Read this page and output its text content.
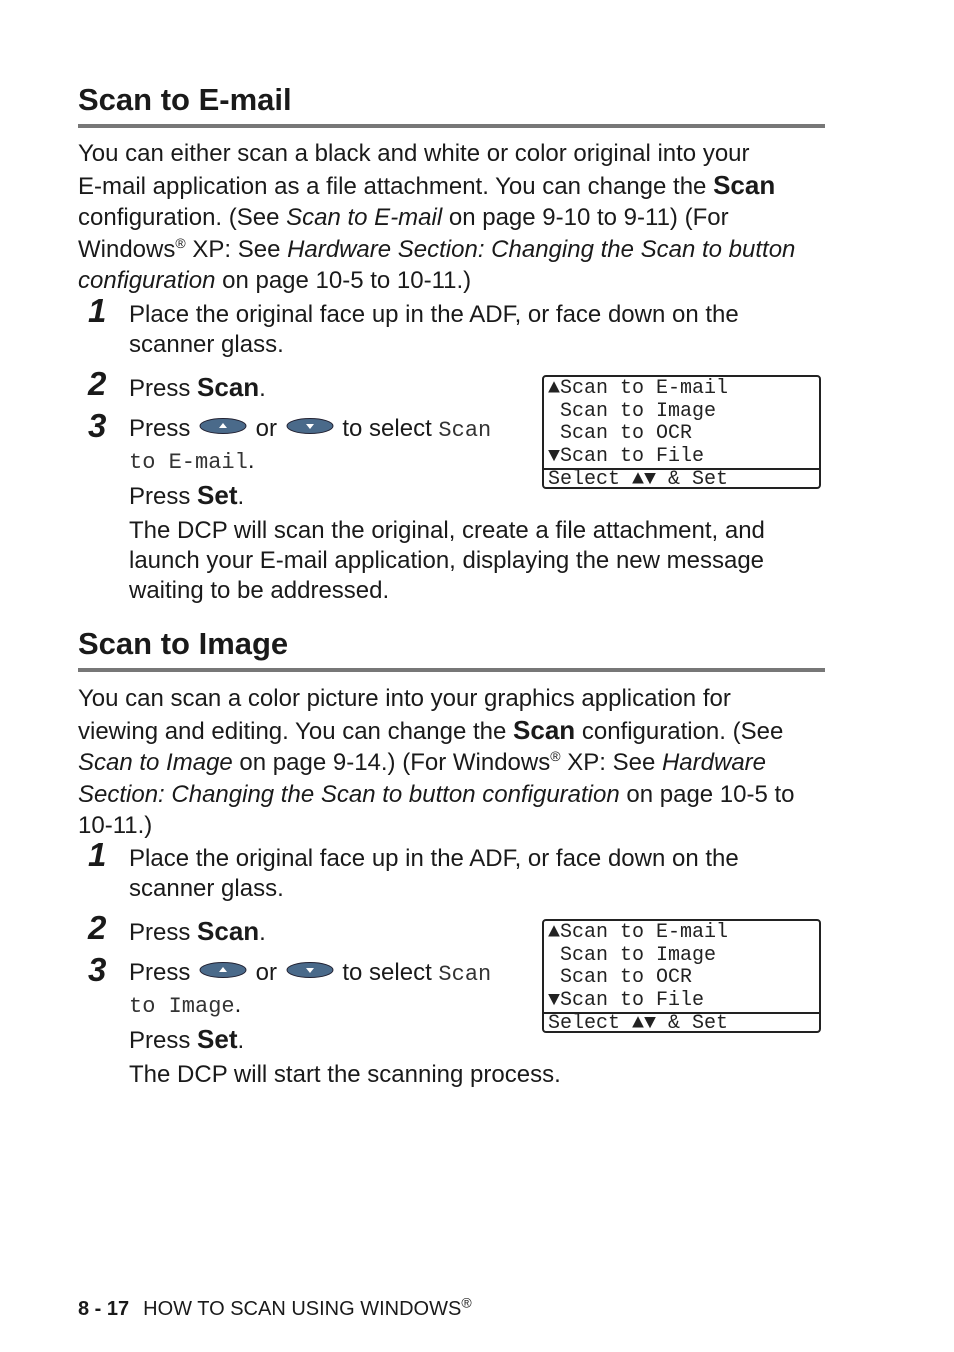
Scan to E-mail
You can either scan a black and white or color original into your
E-mail application as a file attachment. You can change the Scan
configuration. (See Scan to E-mail on page 9-10 to 9-11) (For
Windows® XP: See Hardware Section: Changing the Scan to button
configuration on page 10-5 to 10-11.)
1 Place the original face up in the ADF, or face down on the
scanner glass.
2 Press Scan.
3 Press  or  to select Scan
to E-mail.
Press Set.
▲Scan to E-mail
Scan to Image
Scan to OCR
▼Scan to File
Select ▲▼ & Set
The DCP will scan the original, create a file attachment, and
launch your E-mail application, displaying the new message
waiting to be addressed.
Scan to Image
You can scan a color picture into your graphics application for
viewing and editing. You can change the Scan configuration. (See
Scan to Image on page 9-14.) (For Windows® XP: See Hardware
Section: Changing the Scan to button configuration on page 10-5 to
10-11.)
1 Place the original face up in the ADF, or face down on the
scanner glass.
2 Press Scan.
3 Press  or  to select Scan
to Image.
Press Set.
▲Scan to E-mail
Scan to Image
Scan to OCR
▼Scan to File
Select ▲▼ & Set
The DCP will start the scanning process.
8 - 17 HOW TO SCAN USING WINDOWS®
